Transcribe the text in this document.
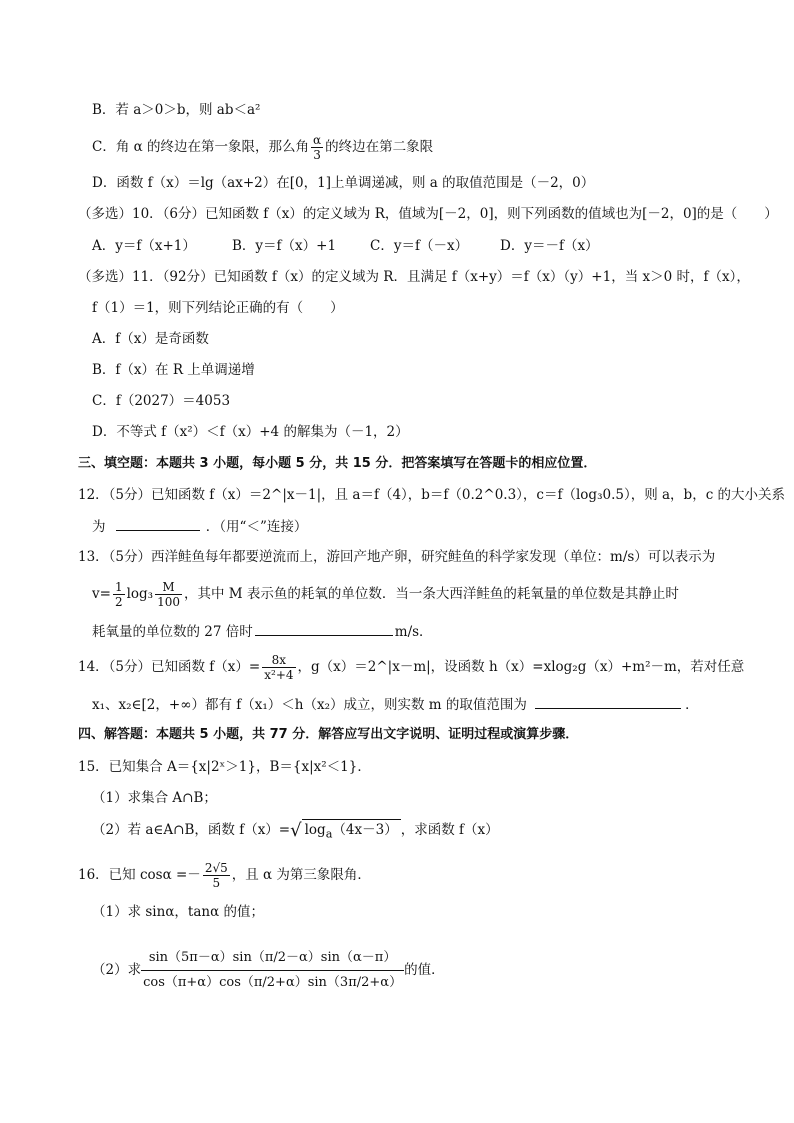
B．若 a＞0＞b，则 ab＜a²
C．角 α 的终边在第一象限，那么角 $\frac{\alpha}{3}$ 的终边在第二象限
D．函数 f（x）＝lg（ax+2）在[0，1]上单调递减，则 a 的取值范围是（－2，0）
（多选）10．（6分）已知函数 f（x）的定义域为 R，值域为[－2，0]，则下列函数的值域也为[－2，0]的是（　　）
A．y＝f（x+1）	B．y＝f（x）+1	C．y＝f（－x） D．y＝－f（x）
（多选）11．（92分）已知函数 f（x）的定义域为 R．且满足 f（x+y）＝f（x）（y）+1，当 x＞0 时，f（x），
f（1）＝1，则下列结论正确的有（　　）
A．f（x）是奇函数
B．f（x）在 R 上单调递增
C．f（2027）＝4053
D．不等式 f（x²）＜f（x）+4 的解集为（－1，2）
三、填空题：本题共 3 小题，每小题 5 分，共 15 分．把答案填写在答题卡的相应位置．
12．（5分）已知函数 f（x）＝2^|x－1|，且 a＝f（4），b＝f（0.2^0.3），c＝f（log₃0.5），则 a，b，c 的大小关系
为	．（用“＜”连接）
13．（5分）西洋鲑鱼每年都要逆流而上，游回产地产卵，研究鲑鱼的科学家发现（单位：m/s）可以表示为
$v= \frac{1}{2} \log_3 \frac{M}{100}$ ，其中 M 表示鱼的耗氧的单位数．当一条大西洋鲑鱼的耗氧量的单位数是其静止时
耗氧量的单位数的 27 倍时	m/s．
14．（5分）已知函数 $f(x)= \frac{8x}{\text{x²+4}}$ ，g（x）＝2^|x－m|，设函数 h（x）=xlog₂g（x）+m²－m，若对任意
x₁、x₂∈[2，+∞）都有 f（x₁）＜h（x₂）成立，则实数 m 的取值范围为	．
四、解答题：本题共 5 小题，共 77 分．解答应写出文字说明、证明过程或演算步骤．
15．已知集合 A＝{x|2ˣ＞1}，B＝{x|x²＜1}．
（1）求集合 A∩B；
（2）若 a∈A∩B，函数 f（x）=√ $\log_a(4x-3)$ ，求函数 f（x）
16．已知 $\cos\alpha =- \frac{2√5}{5}$ ，且 α 为第三象限角．
（1）求 sinα，tanα 的值；
（2）求 $\frac{\sin(5\pi-\alpha)\sin(\pi/2-\alpha)\sin(\alpha-\pi)}{\cos(\pi+\alpha)\cos(\pi/2+\alpha)\sin(3\pi/2+\alpha)}$ 的值．
